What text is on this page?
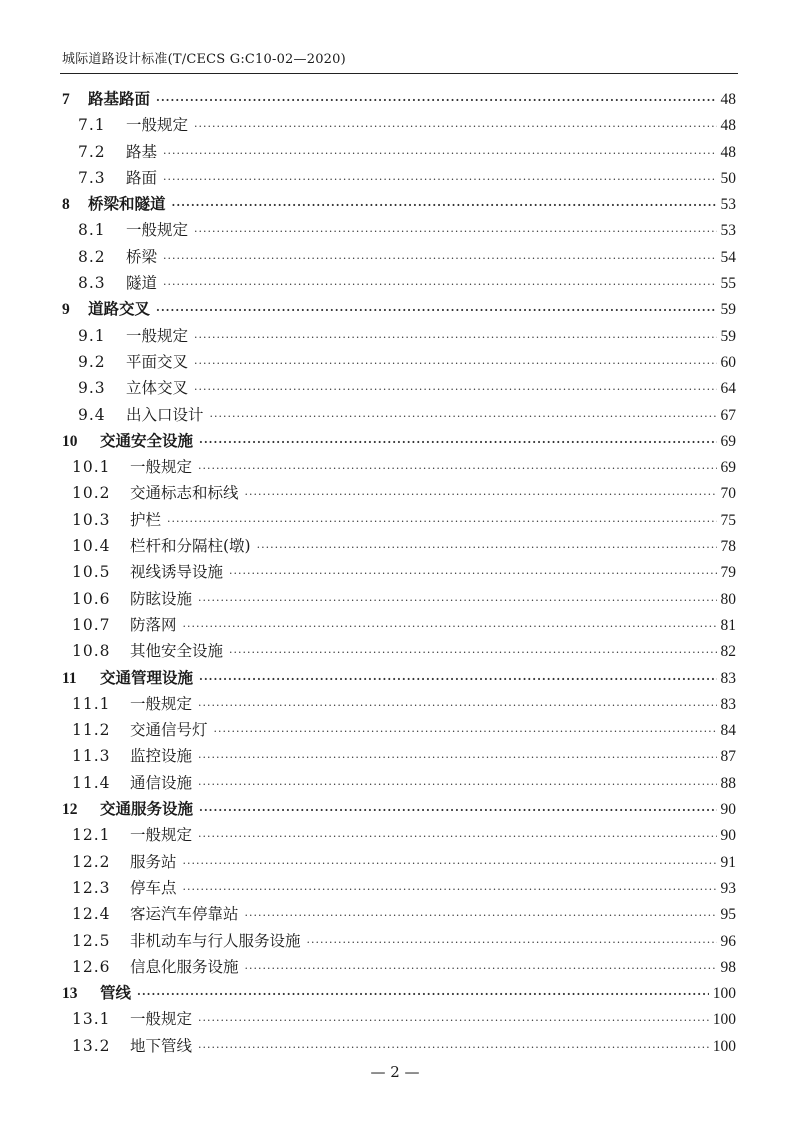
城际道路设计标准(T/CECS G:C10-02—2020)
7	路基路面 ·····	48
7.1	一般规定 ·····	48
7.2	路基 ·····	48
7.3	路面 ·····	50
8	桥梁和隧道 ·····	53
8.1	一般规定 ·····	53
8.2	桥梁 ·····	54
8.3	隧道 ·····	55
9	道路交叉 ·····	59
9.1	一般规定 ·····	59
9.2	平面交叉 ·····	60
9.3	立体交叉 ·····	64
9.4	出入口设计 ·····	67
10	交通安全设施 ·····	69
10.1	一般规定 ·····	69
10.2	交通标志和标线 ·····	70
10.3	护栏 ·····	75
10.4	栏杆和分隔柱(墩) ·····	78
10.5	视线诱导设施 ·····	79
10.6	防眩设施 ·····	80
10.7	防落网 ·····	81
10.8	其他安全设施 ·····	82
11	交通管理设施 ·····	83
11.1	一般规定 ·····	83
11.2	交通信号灯 ·····	84
11.3	监控设施 ·····	87
11.4	通信设施 ·····	88
12	交通服务设施 ·····	90
12.1	一般规定 ·····	90
12.2	服务站 ·····	91
12.3	停车点 ·····	93
12.4	客运汽车停靠站 ·····	95
12.5	非机动车与行人服务设施 ·····	96
12.6	信息化服务设施 ·····	98
13	管线 ·····	100
13.1	一般规定 ·····	100
13.2	地下管线 ·····	100
— 2 —
